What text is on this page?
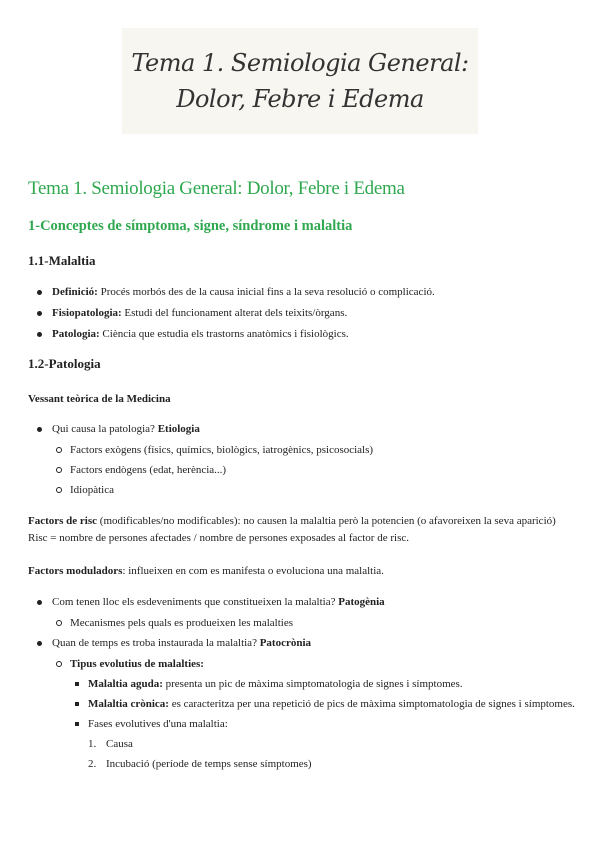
Tema 1. Semiologia General:
Dolor, Febre i Edema
Tema 1. Semiologia General: Dolor, Febre i Edema
1-Conceptes de símptoma, signe, síndrome i malaltia
1.1-Malaltia
Definició: Procés morbós des de la causa inicial fins a la seva resolució o complicació.
Fisiopatologia: Estudi del funcionament alterat dels teixits/òrgans.
Patologia: Ciència que estudia els trastorns anatòmics i fisiològics.
1.2-Patologia
Vessant teòrica de la Medicina
Qui causa la patologia? Etiologia
Factors exògens (físics, químics, biològics, iatrogènics, psicosocials)
Factors endògens (edat, herència...)
Idiopàtica

Factors de risc (modificables/no modificables): no causen la malaltia però la potencien (o afavoreixen la seva aparició) Risc = nombre de persones afectades / nombre de persones exposades al factor de risc.

Factors moduladors: influeixen en com es manifesta o evoluciona una malaltia.

Com tenen lloc els esdeveniments que constitueixen la malaltia? Patogènia
Mecanismes pels quals es produeixen les malalties
Quan de temps es troba instaurada la malaltia? Patocrònia
Tipus evolutius de malalties:
Malaltia aguda: presenta un pic de màxima simptomatologia de signes i símptomes.
Malaltia crònica: es caracteritza per una repetició de pics de màxima simptomatologia de signes i símptomes.
Fases evolutives d'una malaltia:
1. Causa
2. Incubació (període de temps sense símptomes)
